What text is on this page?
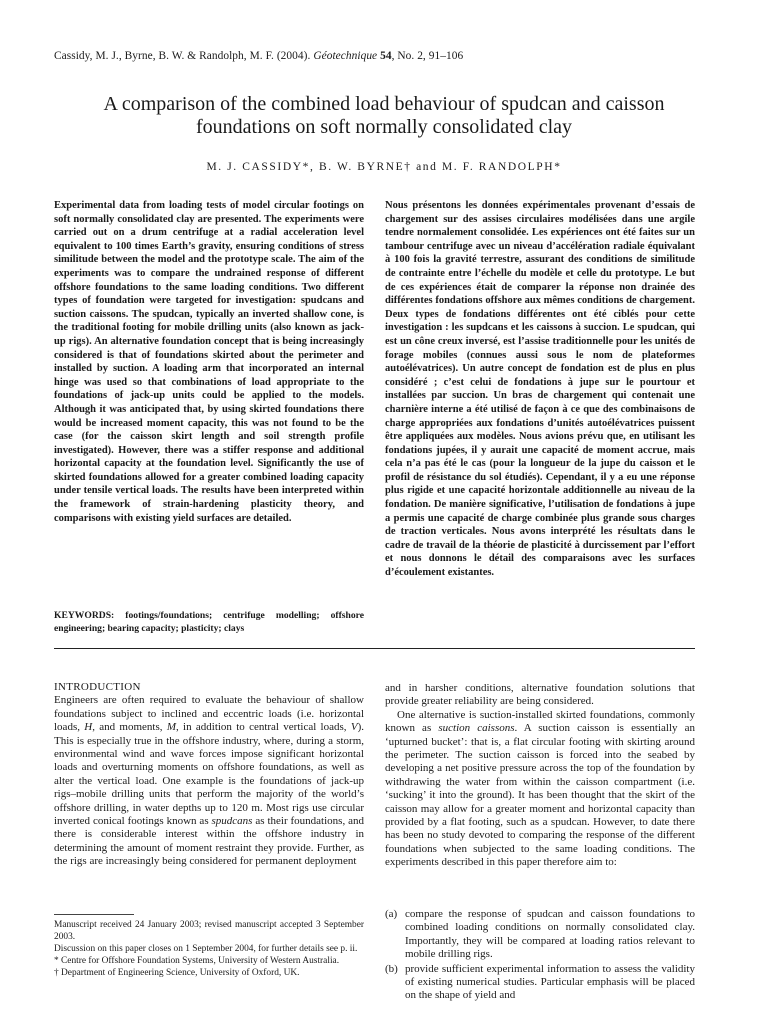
Cassidy, M. J., Byrne, B. W. & Randolph, M. F. (2004). Géotechnique 54, No. 2, 91–106
A comparison of the combined load behaviour of spudcan and caisson
foundations on soft normally consolidated clay
M. J. CASSIDY*, B. W. BYRNE† and M. F. RANDOLPH*
Experimental data from loading tests of model circular footings on soft normally consolidated clay are presented. The experiments were carried out on a drum centrifuge at a radial acceleration level equivalent to 100 times Earth’s gravity, ensuring conditions of stress similitude between the model and the prototype scale. The aim of the experiments was to compare the undrained response of different offshore foundations to the same loading conditions. Two different types of foundation were targeted for investigation: spudcans and suction caissons. The spudcan, typically an inverted shallow cone, is the traditional footing for mobile drilling units (also known as jack-up rigs). An alternative foundation concept that is being increasingly considered is that of foundations skirted about the perimeter and installed by suction. A loading arm that incorporated an internal hinge was used so that combinations of load appropriate to the foundations of jack-up units could be applied to the models. Although it was anticipated that, by using skirted foundations there would be increased moment capacity, this was not found to be the case (for the caisson skirt length and soil strength profile investigated). However, there was a stiffer response and additional horizontal capacity at the foundation level. Significantly the use of skirted foundations allowed for a greater combined loading capacity under tensile vertical loads. The results have been interpreted within the framework of strain-hardening plasticity theory, and comparisons with existing yield surfaces are detailed.
KEYWORDS: footings/foundations; centrifuge modelling; offshore engineering; bearing capacity; plasticity; clays
Nous présentons les données expérimentales provenant d’essais de chargement sur des assises circulaires modélisées dans une argile tendre normalement consolidée. Les expériences ont été faites sur un tambour centrifuge avec un niveau d’accélération radiale équivalant à 100 fois la gravité terrestre, assurant des conditions de similitude de contrainte entre l’échelle du modèle et celle du prototype. Le but de ces expériences était de comparer la réponse non drainée des différentes fondations offshore aux mêmes conditions de chargement. Deux types de fondations différentes ont été ciblés pour cette investigation : les supdcans et les caissons à succion. Le spudcan, qui est un cône creux inversé, est l’assise traditionnelle pour les unités de forage mobiles (connues aussi sous le nom de plateformes autoélévatrices). Un autre concept de fondation est de plus en plus considéré ; c’est celui de fondations à jupe sur le pourtour et installées par succion. Un bras de chargement qui contenait une charnière interne a été utilisé de façon à ce que des combinaisons de charge appropriées aux fondations d’unités autoélévatrices puissent être appliquées aux modèles. Nous avions prévu que, en utilisant les fondations jupées, il y aurait une capacité de moment accrue, mais cela n’a pas été le cas (pour la longueur de la jupe du caisson et le profil de résistance du sol étudiés). Cependant, il y a eu une réponse plus rigide et une capacité horizontale additionnelle au niveau de la fondation. De manière significative, l’utilisation de fondations à jupe a permis une capacité de charge combinée plus grande sous charges de traction verticales. Nous avons interprété les résultats dans le cadre de travail de la théorie de plasticité à durcissement par l’effort et nous donnons le détail des comparaisons avec les surfaces d’écoulement existantes.
INTRODUCTION

Engineers are often required to evaluate the behaviour of shallow foundations subject to inclined and eccentric loads (i.e. horizontal loads, H, and moments, M, in addition to central vertical loads, V). This is especially true in the offshore industry, where, during a storm, environmental wind and wave forces impose significant horizontal loads and overturning moments on offshore foundations, as well as alter the vertical load. One example is the foundations of jack-up rigs–mobile drilling units that perform the majority of the world’s offshore drilling, in water depths up to 120 m. Most rigs use circular inverted conical footings known as spudcans as their foundations, and there is considerable interest within the offshore industry in determining the amount of moment restraint they provide. Further, as the rigs are increasingly being considered for permanent deployment

and in harsher conditions, alternative foundation solutions that provide greater reliability are being considered.

One alternative is suction-installed skirted foundations, commonly known as suction caissons. A suction caisson is essentially an ‘upturned bucket’: that is, a flat circular footing with skirting around the perimeter. The suction caisson is forced into the seabed by developing a net positive pressure across the top of the foundation by withdrawing the water from within the caisson compartment (i.e. ‘sucking’ it into the ground). It has been thought that the skirt of the caisson may allow for a greater moment and horizontal capacity than provided by a flat footing, such as a spudcan. However, to date there has been no study devoted to comparing the response of the different foundations when subjected to the same loading conditions. The experiments described in this paper therefore aim to:

(a) compare the response of spudcan and caisson foundations to combined loading conditions on normally consolidated clay. Importantly, they will be compared at loading ratios relevant to mobile drilling rigs.
(b) provide sufficient experimental information to assess the validity of existing numerical studies. Particular emphasis will be placed on the shape of yield and
Manuscript received 24 January 2003; revised manuscript accepted 3 September 2003.
Discussion on this paper closes on 1 September 2004, for further details see p. ii.
* Centre for Offshore Foundation Systems, University of Western Australia.
† Department of Engineering Science, University of Oxford, UK.
